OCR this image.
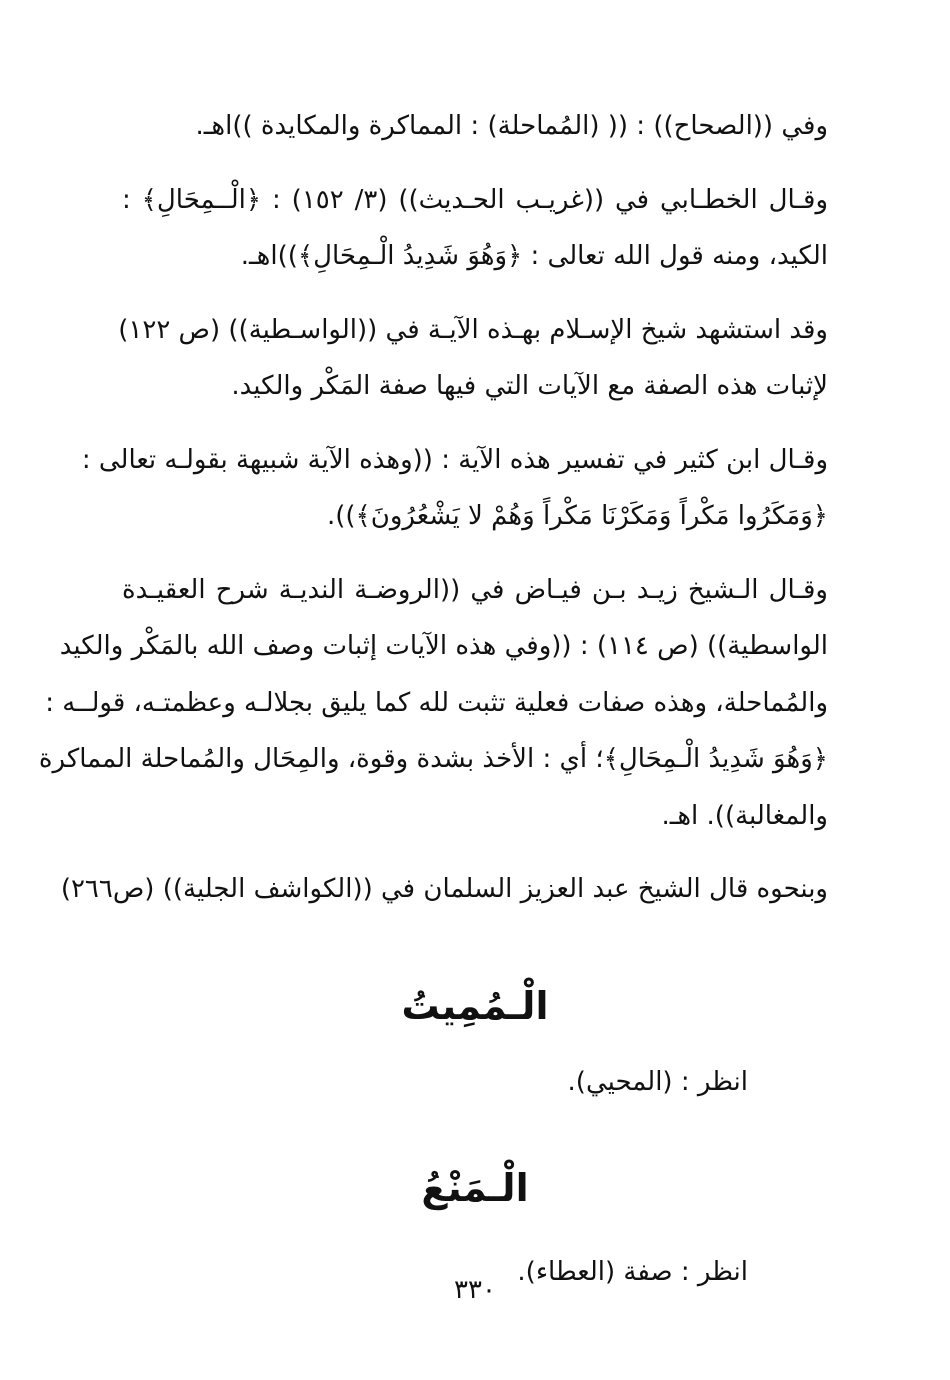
وفي ((الصحاح)) : (( (المُماحلة) : المماكرة والمكايدة ))اهـ.
وقـال الخطـابي في ((غريـب الحـديث)) (٣/ ١٥٢) : ﴿الْــمِحَالِ﴾ :
الكيد، ومنه قول الله تعالى : ﴿وَهُوَ شَدِيدُ الْـمِحَالِ﴾))اهـ.
وقد استشهد شيخ الإسـلام بهـذه الآيـة في ((الواسـطية)) (ص ١٢٢)
لإثبات هذه الصفة مع الآيات التي فيها صفة المَكْر والكيد.
وقـال ابن كثير في تفسير هذه الآية : ((وهذه الآية شبيهة بقولـه تعالى :
﴿وَمَكَرُوا مَكْراً وَمَكَرْنَا مَكْراً وَهُمْ لا يَشْعُرُونَ﴾)).
وقـال الـشيخ زيـد بـن فيـاض في ((الروضـة النديـة شرح العقيـدة
الواسطية)) (ص ١١٤) : ((وفي هذه الآيات إثبات وصف الله بالمَكْر والكيد
والمُماحلة، وهذه صفات فعلية تثبت لله كما يليق بجلالـه وعظمتـه، قولــه :
﴿وَهُوَ شَدِيدُ الْـمِحَالِ﴾؛ أي : الأخذ بشدة وقوة، والمِحَال والمُماحلة المماكرة
والمغالبة)). اهـ.
وبنحوه قال الشيخ عبد العزيز السلمان في ((الكواشف الجلية)) (ص٢٦٦)
الْـمُمِيتُ
انظر : (المحيي).
الْـمَنْعُ
انظر : صفة (العطاء).
٣٣٠
